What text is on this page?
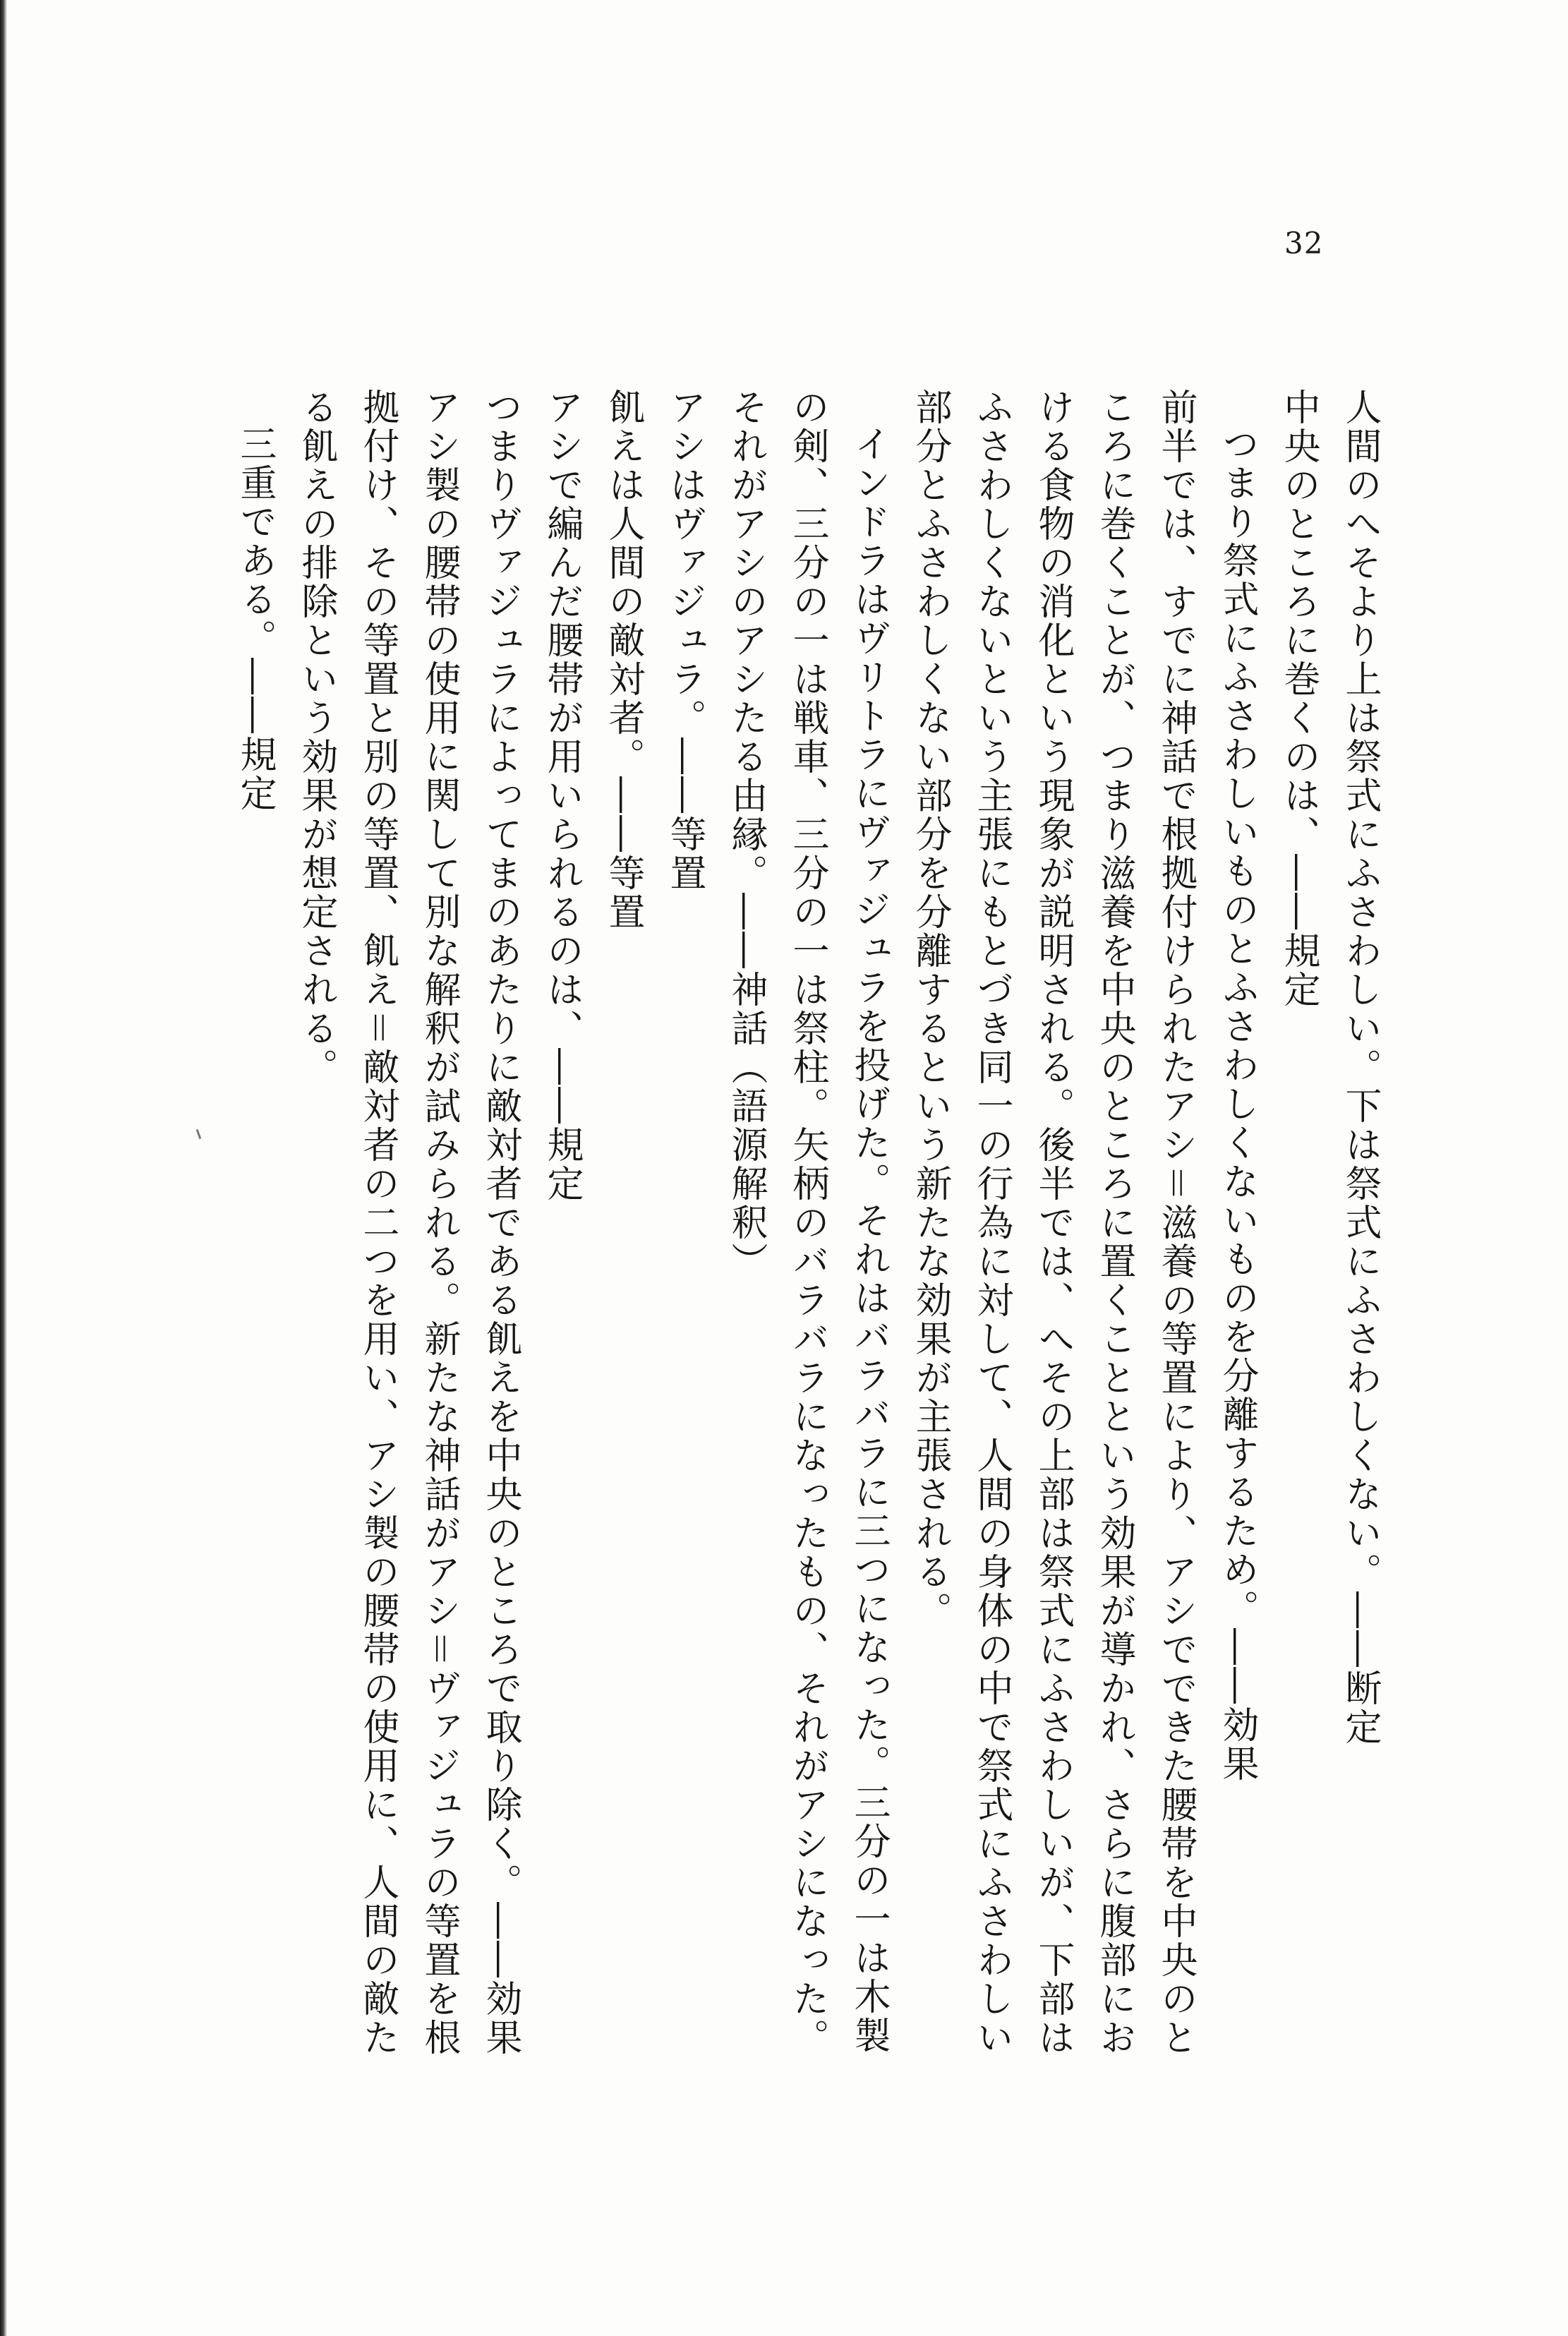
32

人間のへそより上は祭式にふさわしい。下は祭式にふさわしくない。――断定

中央のところに巻くのは、――規定

つまり祭式にふさわしいものとふさわしくないものを分離するため。――効果

前半では、すでに神話で根拠付けられたアシ＝滋養の等置により、アシでできた腰帯を中央のところに巻くことが、つまり滋養を中央のところに置くことという効果が導かれ、さらに腹部における食物の消化という現象が説明される。後半では、へその上部は祭式にふさわしいが、下部はふさわしくないという主張にもとづき同一の行為に対して、人間の身体の中で祭式にふさわしい部分とふさわしくない部分を分離するという新たな効果が主張される。

インドラはヴリトラにヴァジュラを投げた。それはバラバラに三つになった。三分の一は木製の剣、三分の一は戦車、三分の一は祭柱。矢柄のバラバラになったもの、それがアシになった。それがアシのアシたる由縁。――神話（語源解釈）

アシはヴァジュラ。――等置

飢えは人間の敵対者。――等置

アシで編んだ腰帯が用いられるのは、――規定

つまりヴァジュラによってまのあたりに敵対者である飢えを中央のところで取り除く。――効果

アシ製の腰帯の使用に関して別な解釈が試みられる。新たな神話がアシ＝ヴァジュラの等置を根拠付け、その等置と別の等置、飢え＝敵対者の二つを用い、アシ製の腰帯の使用に、人間の敵たる飢えの排除という効果が想定される。

三重である。――規定
